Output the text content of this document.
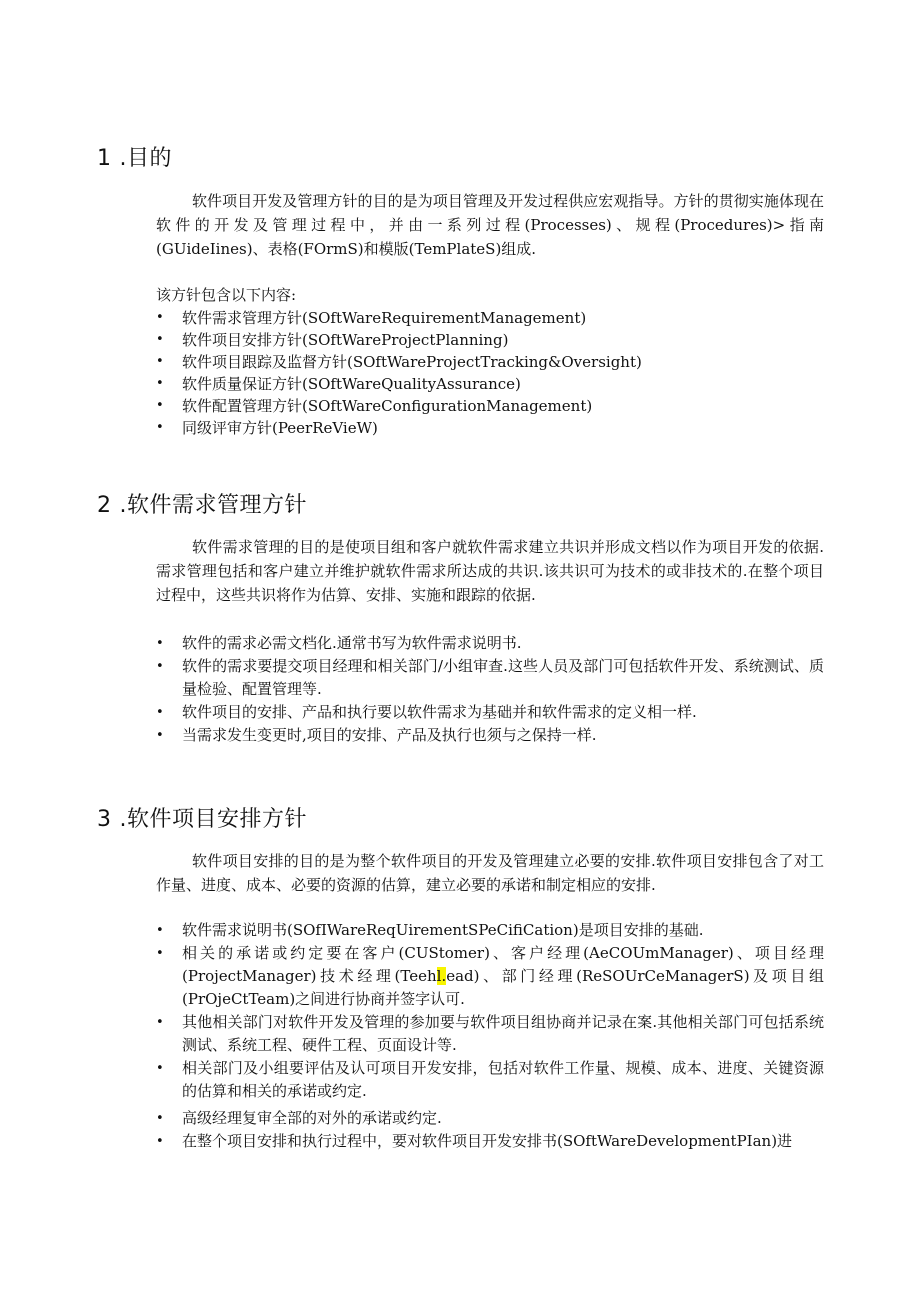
1 .目的

软件项目开发及管理方针的目的是为项目管理及开发过程供应宏观指导。方针的贯彻实施体现在软件的开发及管理过程中，并由一系列过程(Processes)、规程(Procedures)>指南(GUideIines)、表格(FOrmS)和模版(TemPlateS)组成.

该方针包含以下内容:

•	软件需求管理方针(SOftWareRequirementManagement)
•	软件项目安排方针(SOftWareProjectPlanning)
•	软件项目跟踪及监督方针(SOftWareProjectTracking&Oversight)
•	软件质量保证方针(SOftWareQualityAssurance)
•	软件配置管理方针(SOftWareConfigurationManagement)
•	同级评审方针(PeerReVieW)
2 .软件需求管理方针

软件需求管理的目的是使项目组和客户就软件需求建立共识并形成文档以作为项目开发的依据.需求管理包括和客户建立并维护就软件需求所达成的共识.该共识可为技术的或非技术的.在整个项目过程中，这些共识将作为估算、安排、实施和跟踪的依据.

•	软件的需求必需文档化.通常书写为软件需求说明书.
•	软件的需求要提交项目经理和相关部门/小组审查.这些人员及部门可包括软件开发、系统测试、质量检验、配置管理等.
•	软件项目的安排、产品和执行要以软件需求为基础并和软件需求的定义相一样.
•	当需求发生变更时,项目的安排、产品及执行也须与之保持一样.
3 .软件项目安排方针

软件项目安排的目的是为整个软件项目的开发及管理建立必要的安排.软件项目安排包含了对工作量、进度、成本、必要的资源的估算，建立必要的承诺和制定相应的安排.

•	软件需求说明书(SOfIWareReqUirementSPeCifiCation)是项目安排的基础.
•	相关的承诺或约定要在客户(CUStomer)、客户经理(AeCOUmManager)、项目经理(ProjectManager)技术经理(Teehl.ead)、部门经理(ReSOUrCeManagerS)及项目组(PrOjeCtTeam)之间进行协商并签字认可.
•	其他相关部门对软件开发及管理的参加要与软件项目组协商并记录在案.其他相关部门可包括系统测试、系统工程、硬件工程、页面设计等.
•	相关部门及小组要评估及认可项目开发安排，包括对软件工作量、规模、成本、进度、关键资源的估算和相关的承诺或约定.
•	高级经理复审全部的对外的承诺或约定.
•	在整个项目安排和执行过程中，要对软件项目开发安排书(SOftWareDevelopmentPIan)进
